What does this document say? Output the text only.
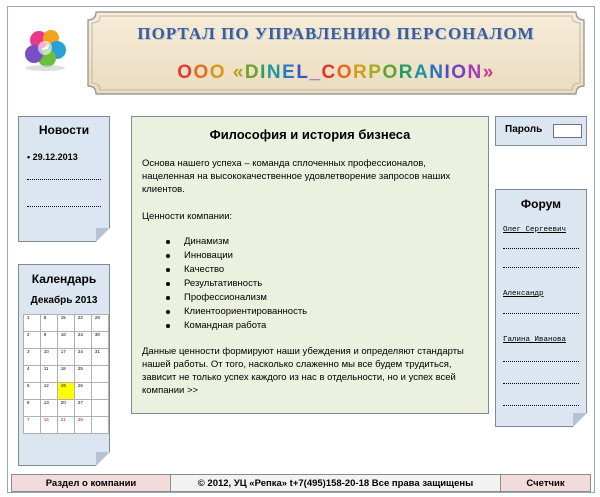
ПОРТАЛ ПО УПРАВЛЕНИЮ ПЕРСОНАЛОМ
ООО «DINEL_CORPORANION»
Новости
• 29.12.2013
Календарь
Декабрь 2013
1	8	15	22	29
2	9	16	23	30
3	10	17	24	31
4	11	18	25	
5	12	19	26	
6	13	20	27	
7	14	21	28	
Философия и история бизнеса

Основа нашего успеха – команда сплоченных профессионалов, нацеленная на высококачественное удовлетворение запросов наших клиентов.

Ценности компании:

Динамизм
Инновации
Качество
Результативность
Профессионализм
Клиентоориентированность
Командная работа

Данные ценности формируют наши убеждения и определяют стандарты нашей работы. От того, насколько слаженно мы все будем трудиться, зависит не только успех каждого из нас в отдельности, но и успех всей компании >>

Пароль
Форум
Олег Сергеевич
Александр
Галина Иванова
Раздел о компании	© 2012, УЦ «Репка» t+7(495)158-20-18 Все права защищены	Счетчик
